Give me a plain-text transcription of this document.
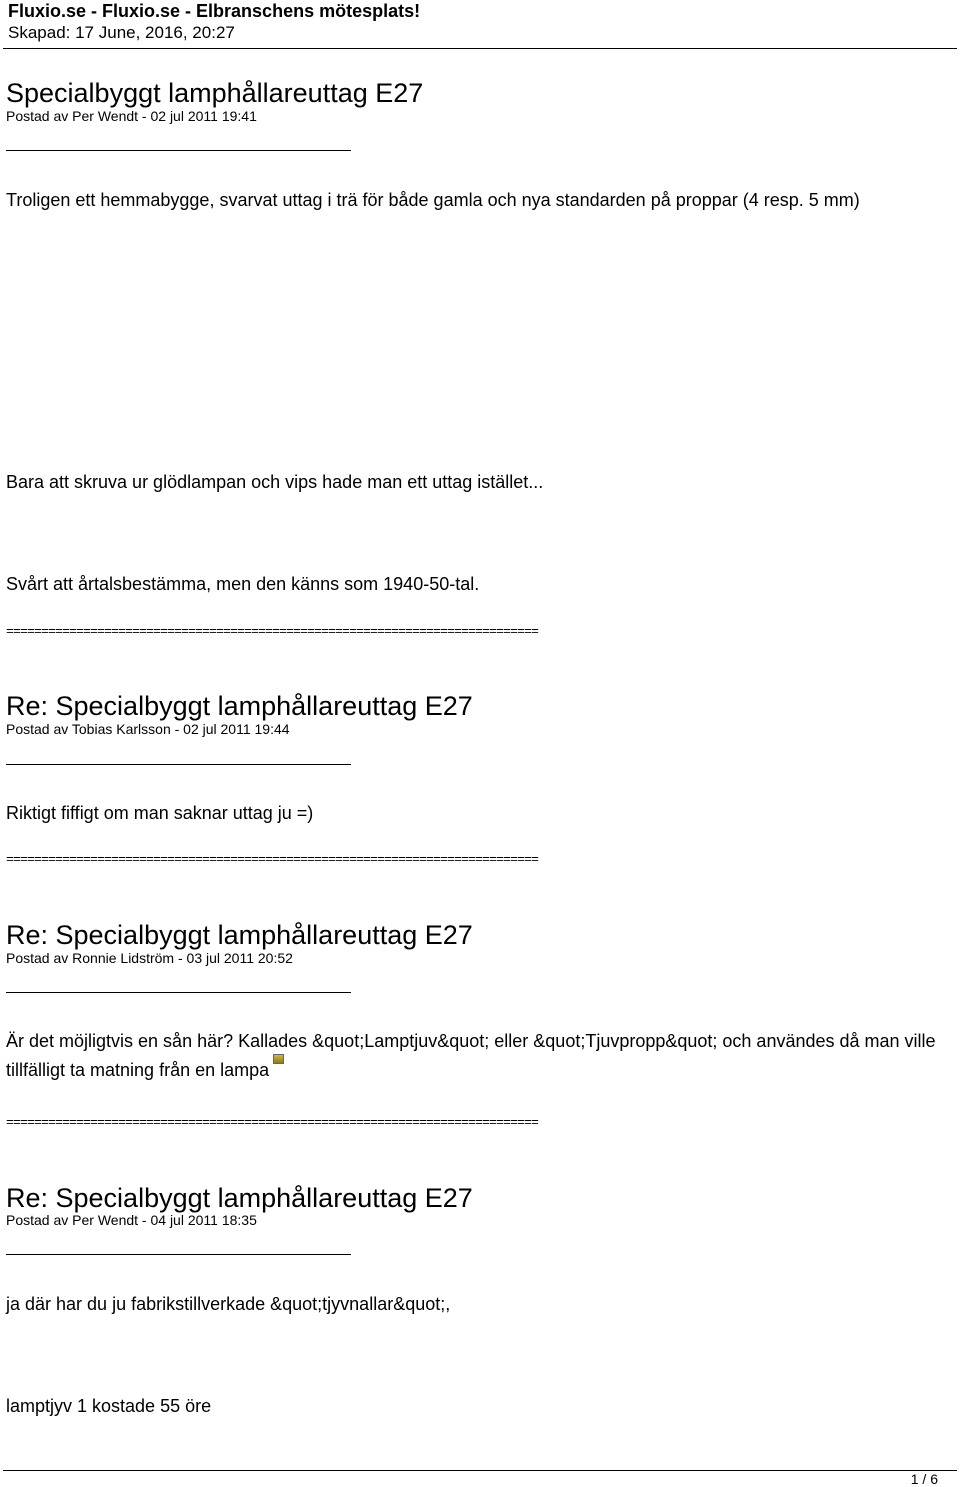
Fluxio.se - Fluxio.se - Elbranschens mötesplats!
Skapad: 17 June, 2016, 20:27
Specialbyggt lamphållareuttag E27
Postad av Per Wendt - 02 jul 2011 19:41
Troligen ett hemmabygge, svarvat uttag i trä för både gamla och nya standarden på proppar (4 resp. 5 mm)
Bara att skruva ur glödlampan och vips hade man ett uttag istället...
Svårt att årtalsbestämma, men den känns som 1940-50-tal.
============================================================================
Re: Specialbyggt lamphållareuttag E27
Postad av Tobias Karlsson - 02 jul 2011 19:44
Riktigt fiffigt om man saknar uttag ju =)
============================================================================
Re: Specialbyggt lamphållareuttag E27
Postad av Ronnie Lidström - 03 jul 2011 20:52
Är det möjligtvis en sån här? Kallades &quot;Lamptjuv&quot; eller &quot;Tjuvpropp&quot; och användes då man ville tillfälligt ta matning från en lampa
============================================================================
Re: Specialbyggt lamphållareuttag E27
Postad av Per Wendt - 04 jul 2011 18:35
ja där har du ju fabrikstillverkade &quot;tjyvnallar&quot;,
lamptjyv 1 kostade 55 öre
1 / 6
